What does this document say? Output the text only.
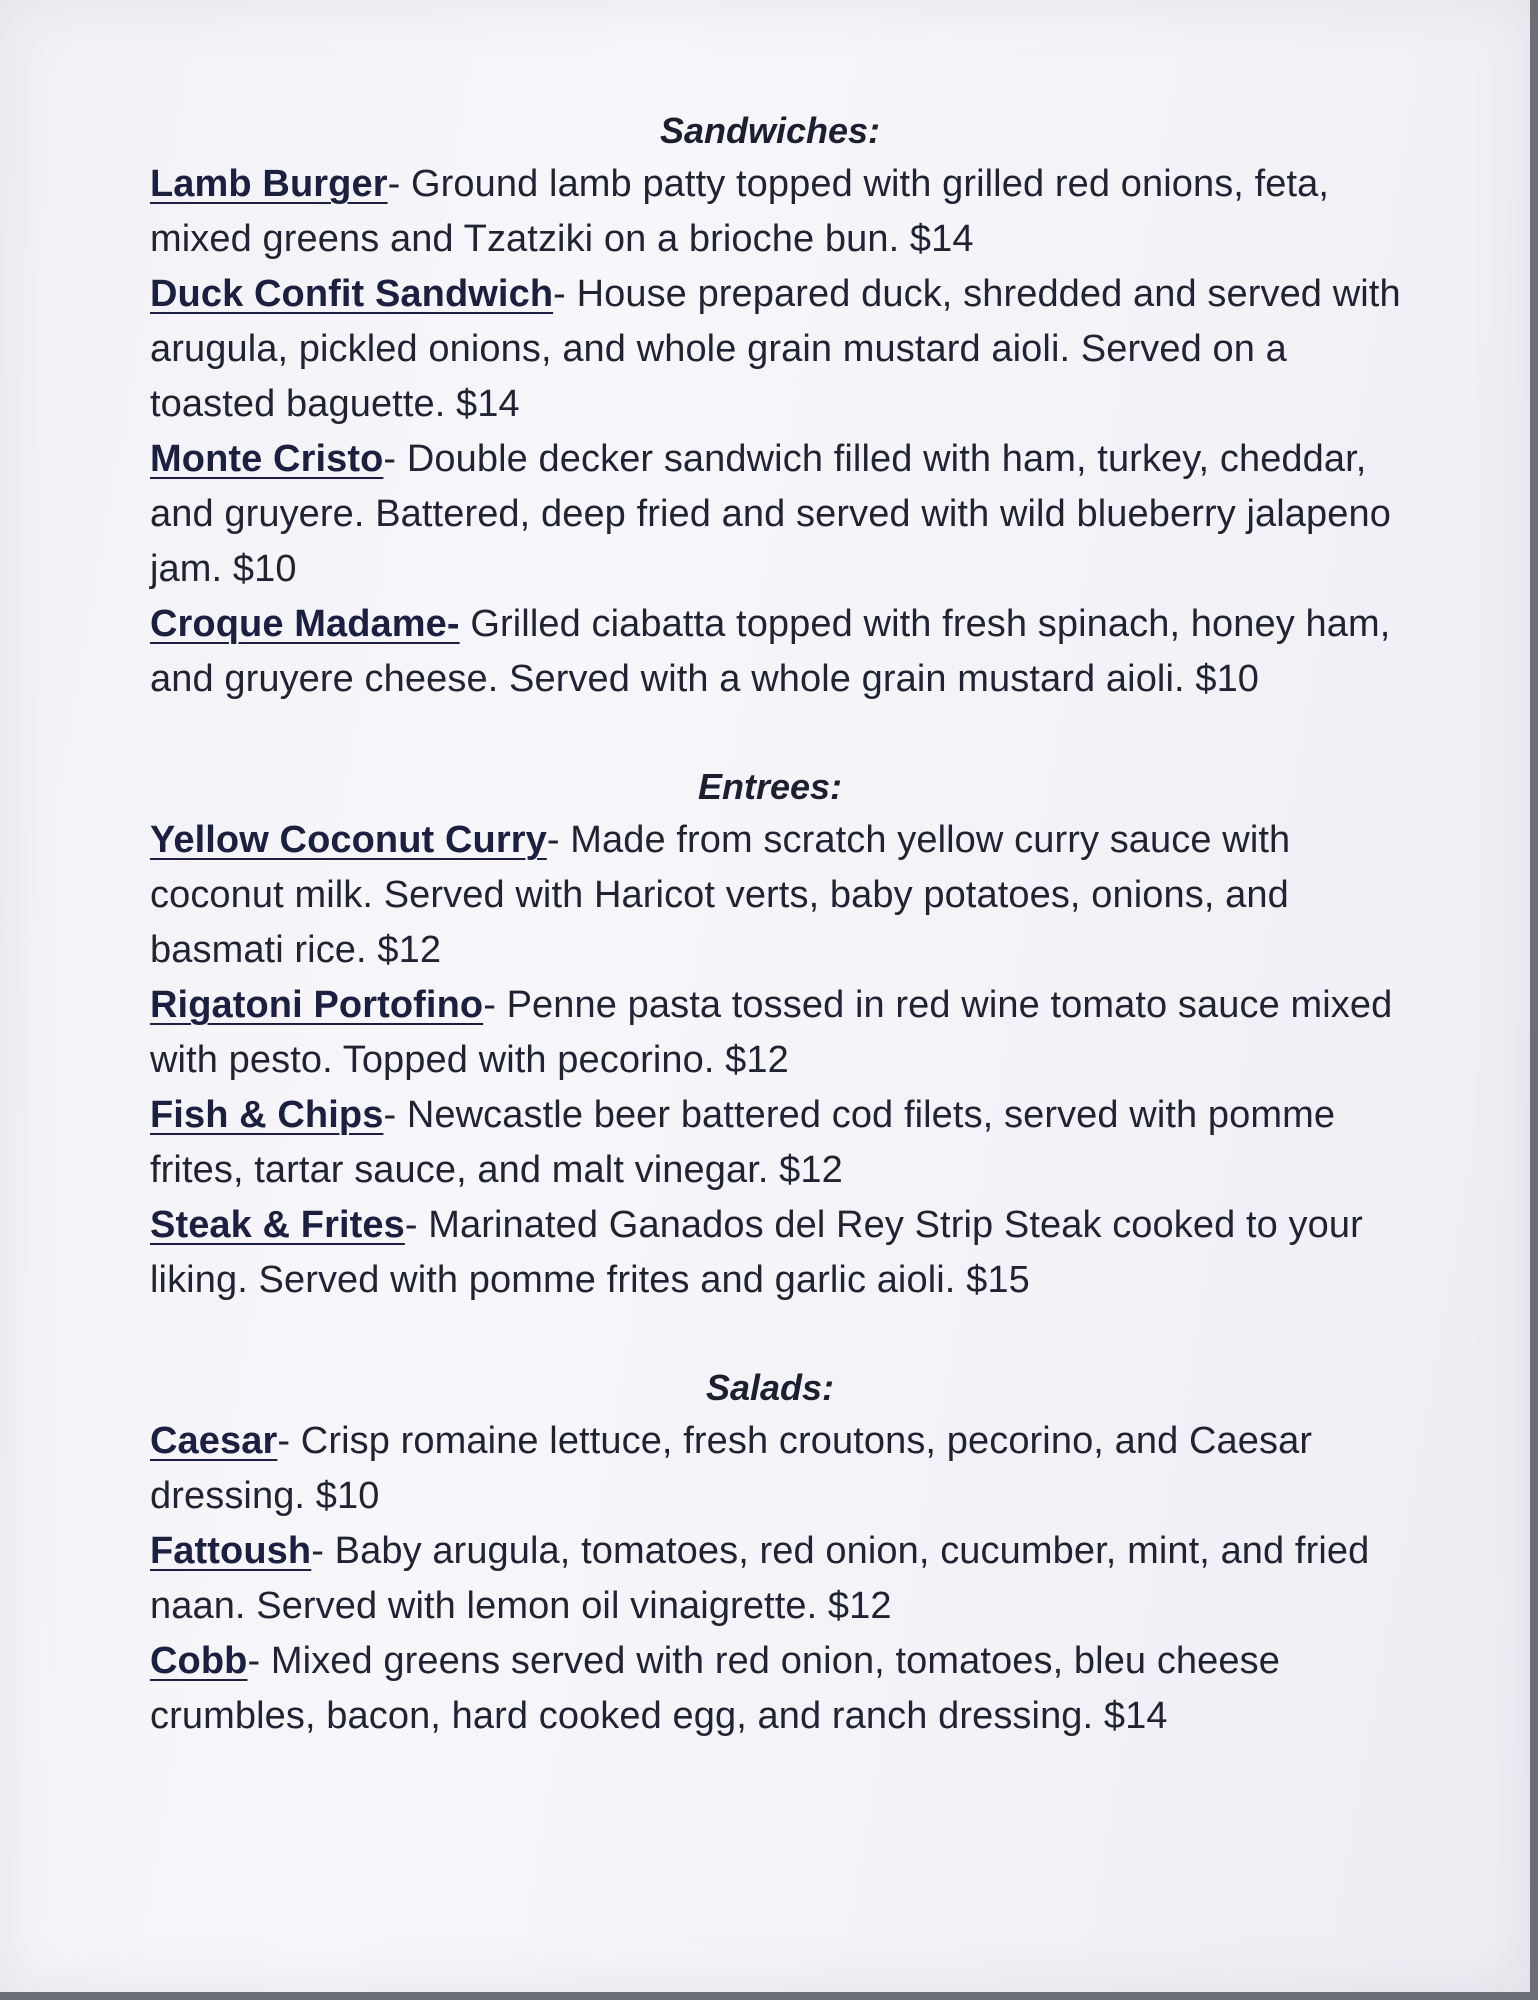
Sandwiches:

Lamb Burger- Ground lamb patty topped with grilled red onions, feta, mixed greens and Tzatziki on a brioche bun. $14

Duck Confit Sandwich- House prepared duck, shredded and served with arugula, pickled onions, and whole grain mustard aioli. Served on a toasted baguette. $14

Monte Cristo- Double decker sandwich filled with ham, turkey, cheddar, and gruyere. Battered, deep fried and served with wild blueberry jalapeno jam. $10

Croque Madame- Grilled ciabatta topped with fresh spinach, honey ham, and gruyere cheese. Served with a whole grain mustard aioli. $10

Entrees:

Yellow Coconut Curry- Made from scratch yellow curry sauce with coconut milk. Served with Haricot verts, baby potatoes, onions, and basmati rice. $12

Rigatoni Portofino- Penne pasta tossed in red wine tomato sauce mixed with pesto. Topped with pecorino. $12

Fish & Chips- Newcastle beer battered cod filets, served with pomme frites, tartar sauce, and malt vinegar. $12

Steak & Frites- Marinated Ganados del Rey Strip Steak cooked to your liking. Served with pomme frites and garlic aioli. $15

Salads:

Caesar- Crisp romaine lettuce, fresh croutons, pecorino, and Caesar dressing. $10

Fattoush- Baby arugula, tomatoes, red onion, cucumber, mint, and fried naan. Served with lemon oil vinaigrette. $12

Cobb- Mixed greens served with red onion, tomatoes, bleu cheese crumbles, bacon, hard cooked egg, and ranch dressing. $14
